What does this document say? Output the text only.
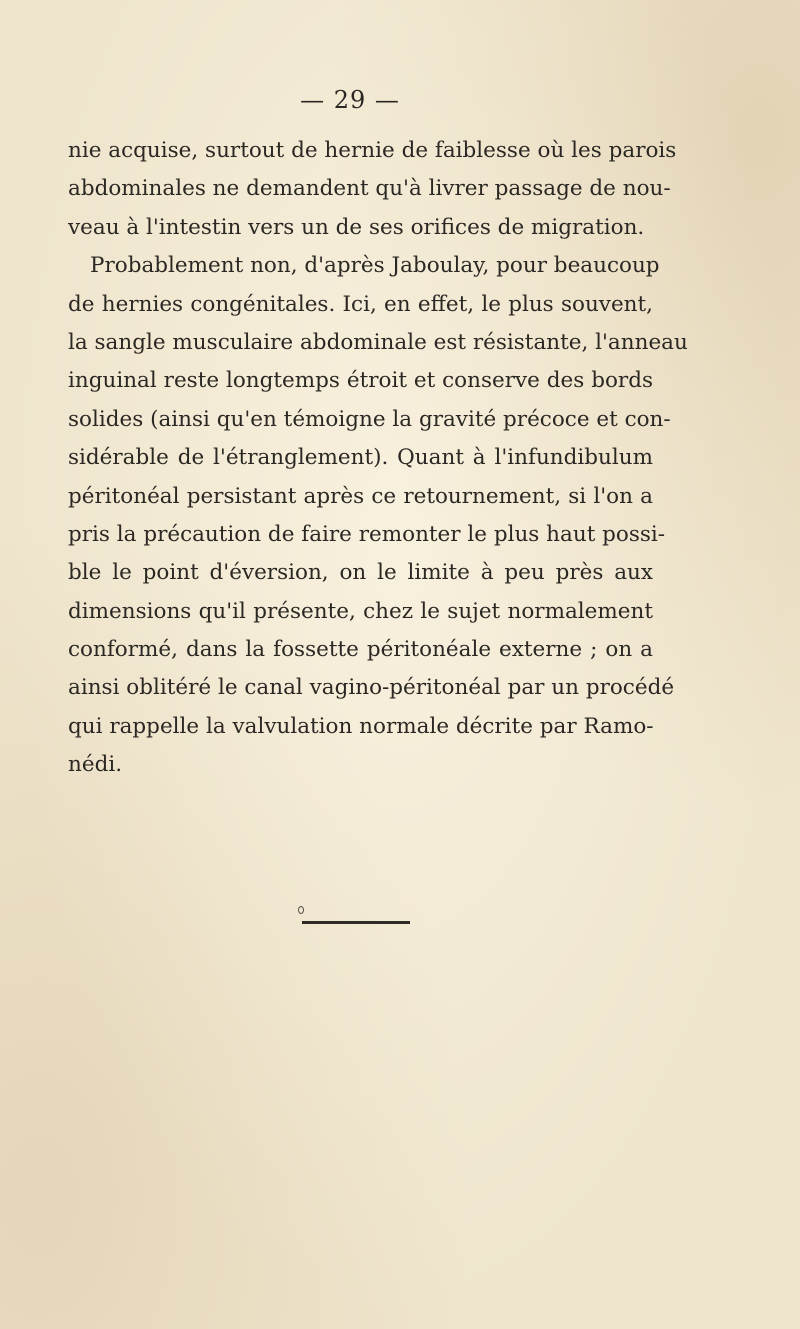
— 29 —
nie acquise, surtout de hernie de faiblesse où les parois
abdominales ne demandent qu'à livrer passage de nou-
veau à l'intestin vers un de ses orifices de migration.
Probablement non, d'après Jaboulay, pour beaucoup
de hernies congénitales. Ici, en effet, le plus souvent,
la sangle musculaire abdominale est résistante, l'anneau
inguinal reste longtemps étroit et conserve des bords
solides (ainsi qu'en témoigne la gravité précoce et con-
sidérable de l'étranglement). Quant à l'infundibulum
péritonéal persistant après ce retournement, si l'on a
pris la précaution de faire remonter le plus haut possi-
ble le point d'éversion, on le limite à peu près aux
dimensions qu'il présente, chez le sujet normalement
conformé, dans la fossette péritonéale externe ; on a
ainsi oblitéré le canal vagino-péritonéal par un procédé
qui rappelle la valvulation normale décrite par Ramo-
nédi.
